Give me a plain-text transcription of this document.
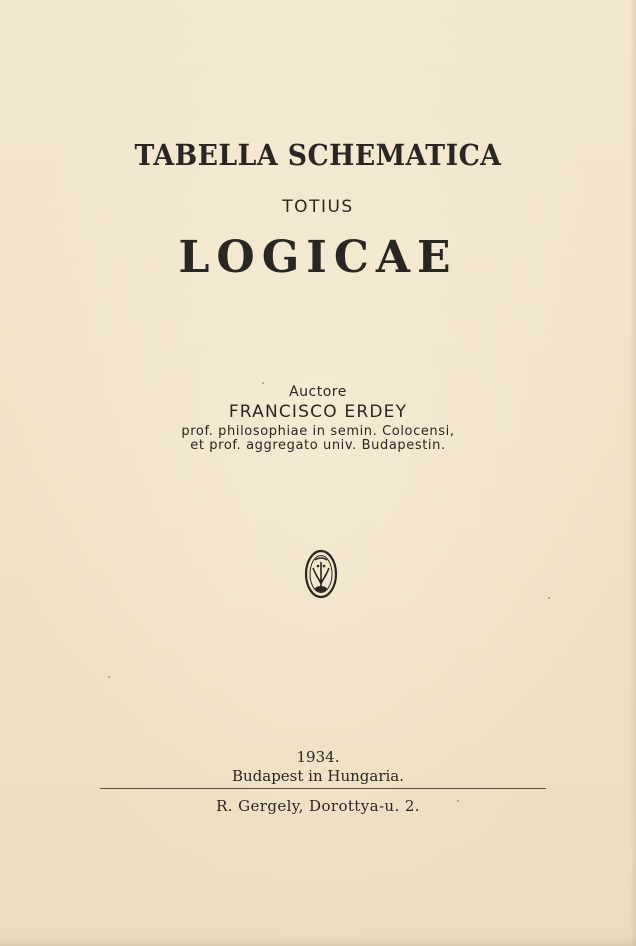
TABELLA SCHEMATICA
TOTIUS
LOGICAE
Auctore
FRANCISCO ERDEY
prof. philosophiae in semin. Colocensi,
et prof. aggregato univ. Budapestin.
1934.
Budapest in Hungaria.
R. Gergely, Dorottya-u. 2.
